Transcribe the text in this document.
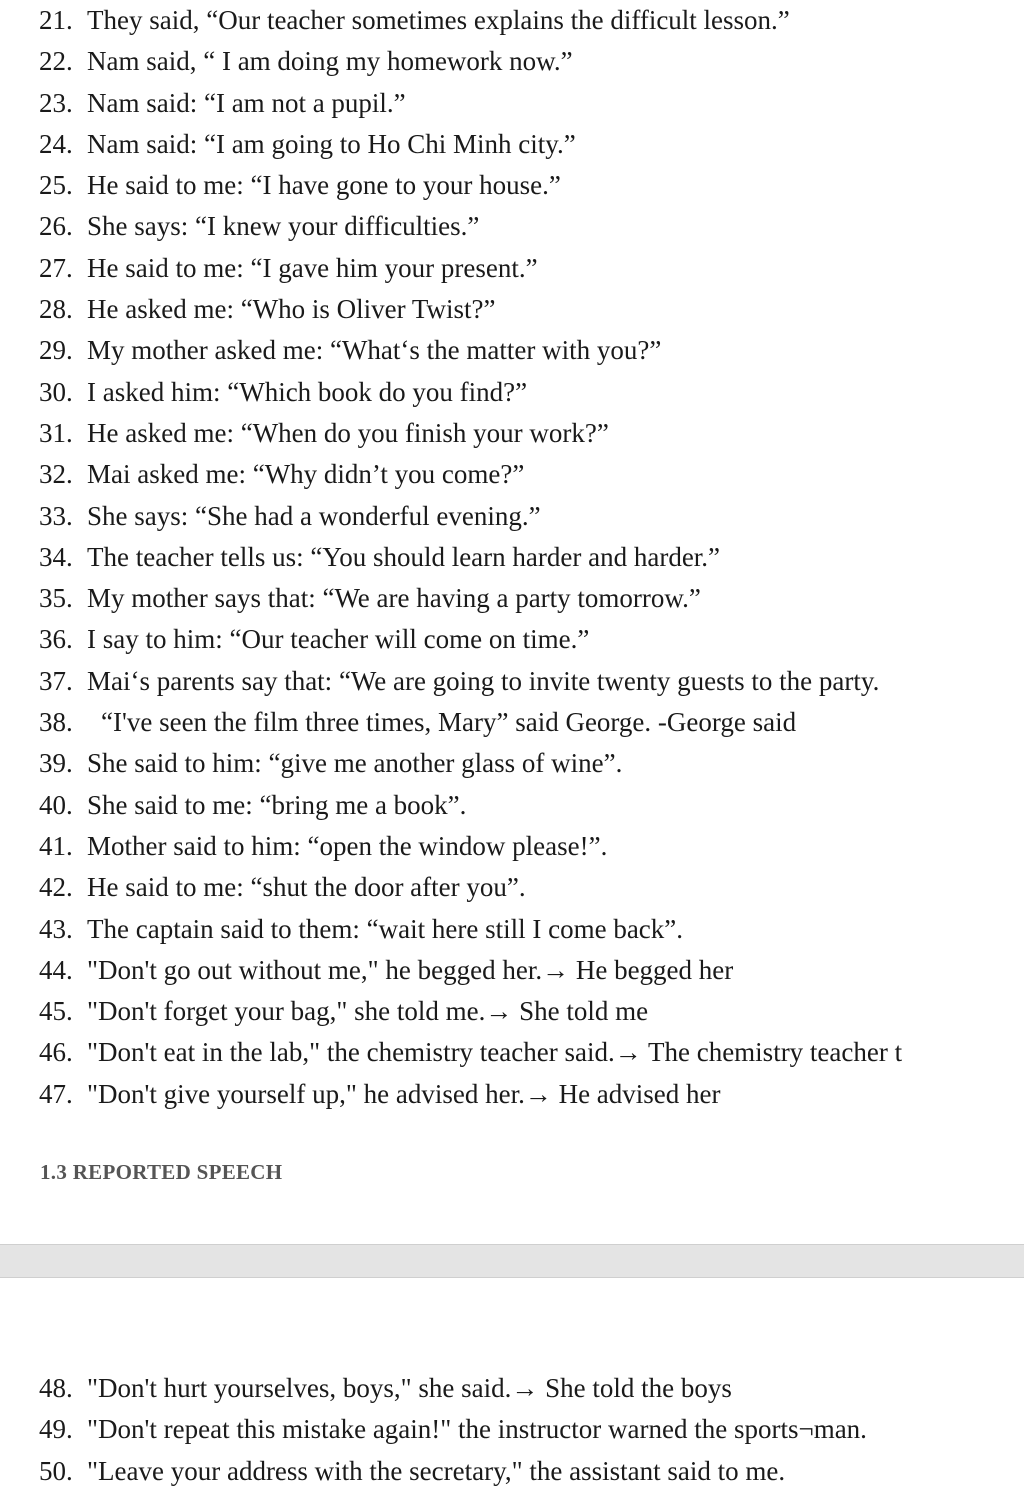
21. They said, “Our teacher sometimes explains the difficult lesson.”
22. Nam said, “ I am doing my homework now.”
23. Nam said: “I am not a pupil.”
24. Nam said: “I am going to Ho Chi Minh city.”
25. He said to me: “I have gone to your house.”
26. She says: “I knew your difficulties.”
27. He said to me: “I gave him your present.”
28. He asked me: “Who is Oliver Twist?”
29. My mother asked me: “What‘s the matter with you?”
30. I asked him: “Which book do you find?”
31. He asked me: “When do you finish your work?”
32. Mai asked me: “Why didn’t you come?”
33. She says: “She had a wonderful evening.”
34. The teacher tells us: “You should learn harder and harder.”
35. My mother says that: “We are having a party tomorrow.”
36. I say to him: “Our teacher will come on time.”
37. Mai‘s parents say that: “We are going to invite twenty guests to the party.
38.	“I've seen the film three times, Mary” said George. -George said
39. She said to him: “give me another glass of wine”.
40. She said to me: “bring me a book”.
41. Mother said to him: “open the window please!”.
42. He said to me: “shut the door after you”.
43. The captain said to them: “wait here still I come back”.
44. "Don't go out without me," he begged her.→ He begged her
45. "Don't forget your bag," she told me.→ She told me
46. "Don't eat in the lab," the chemistry teacher said.→ The chemistry teacher t
47. "Don't give yourself up," he advised her.→ He advised her
1.3 REPORTED SPEECH
48. "Don't hurt yourselves, boys," she said.→ She told the boys
49. "Don't repeat this mistake again!" the instructor warned the sports¬man.
50. "Leave your address with the secretary," the assistant said to me.
